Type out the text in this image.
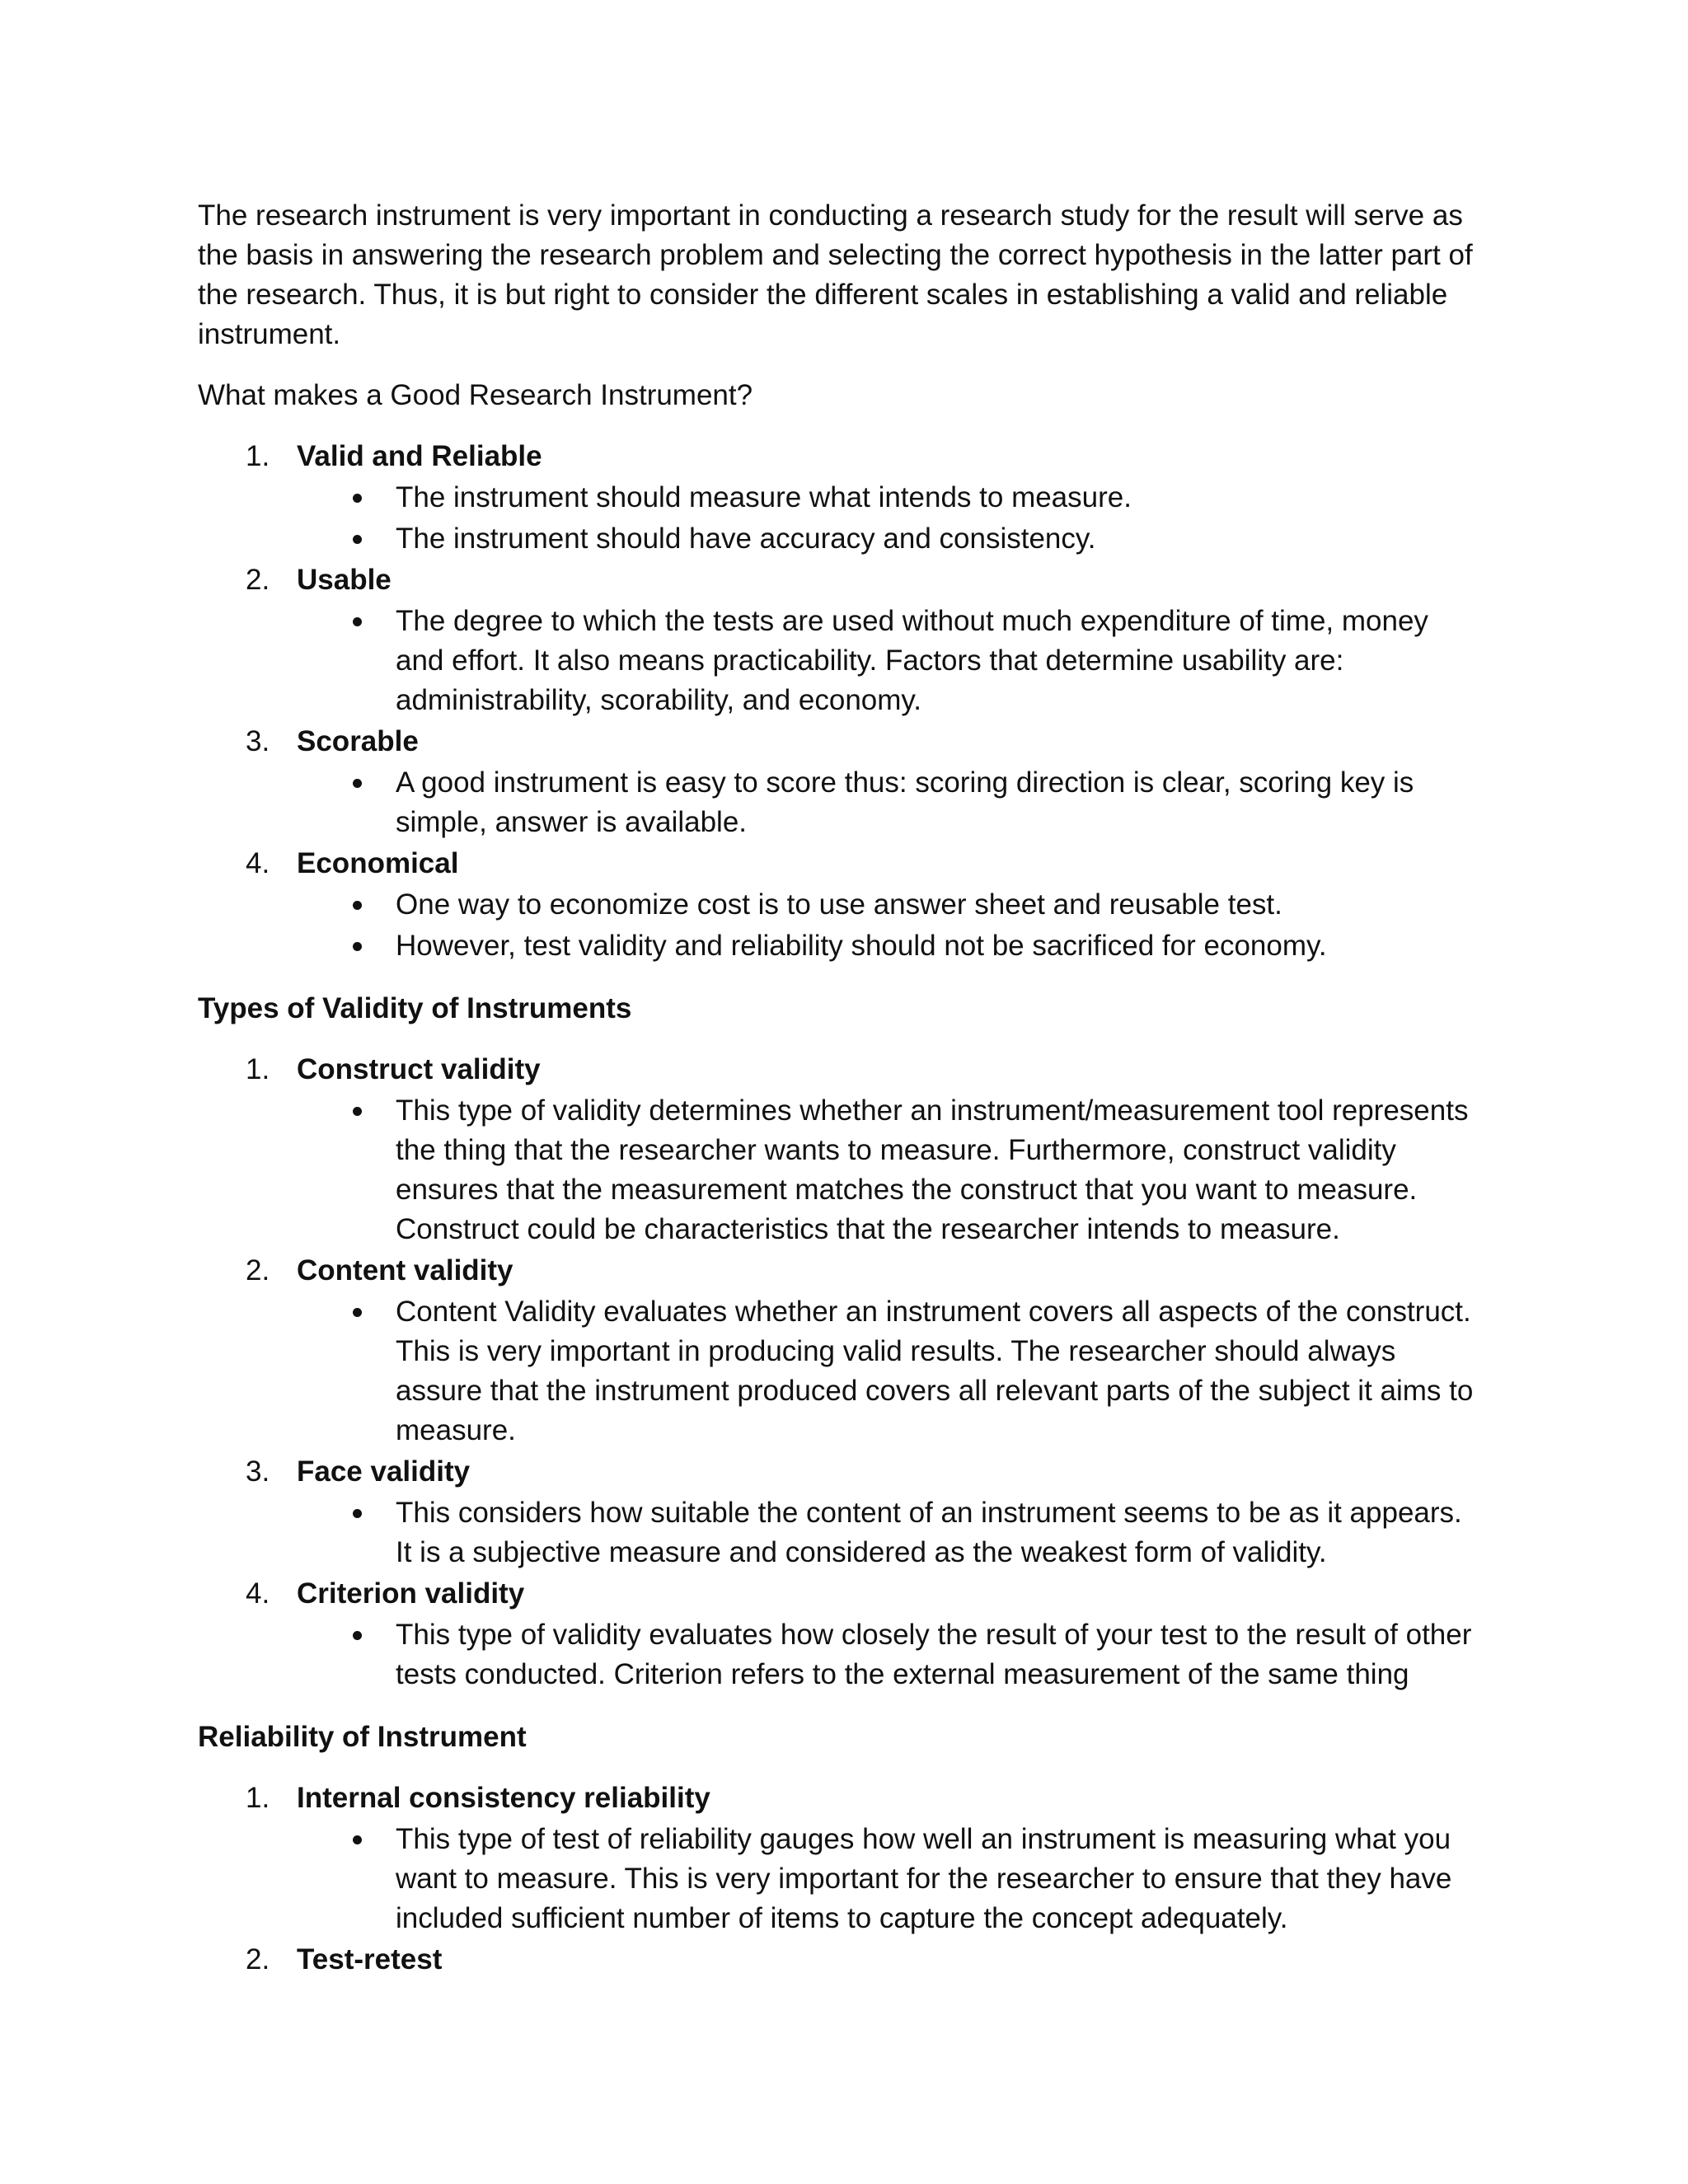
The research instrument is very important in conducting a research study for the result will serve as the basis in answering the research problem and selecting the correct hypothesis in the latter part of the research. Thus, it is but right to consider the different scales in establishing a valid and reliable instrument.

What makes a Good Research Instrument?

1. Valid and Reliable
The instrument should measure what intends to measure.
The instrument should have accuracy and consistency.
2. Usable
The degree to which the tests are used without much expenditure of time, money and effort. It also means practicability. Factors that determine usability are: administrability, scorability, and economy.
3. Scorable
A good instrument is easy to score thus: scoring direction is clear, scoring key is simple, answer is available.
4. Economical
One way to economize cost is to use answer sheet and reusable test.
However, test validity and reliability should not be sacrificed for economy.

Types of Validity of Instruments

1. Construct validity
This type of validity determines whether an instrument/measurement tool represents the thing that the researcher wants to measure. Furthermore, construct validity ensures that the measurement matches the construct that you want to measure. Construct could be characteristics that the researcher intends to measure.
2. Content validity
Content Validity evaluates whether an instrument covers all aspects of the construct. This is very important in producing valid results. The researcher should always assure that the instrument produced covers all relevant parts of the subject it aims to measure.
3. Face validity
This considers how suitable the content of an instrument seems to be as it appears. It is a subjective measure and considered as the weakest form of validity.
4. Criterion validity
This type of validity evaluates how closely the result of your test to the result of other tests conducted. Criterion refers to the external measurement of the same thing

Reliability of Instrument

1. Internal consistency reliability
This type of test of reliability gauges how well an instrument is measuring what you want to measure. This is very important for the researcher to ensure that they have included sufficient number of items to capture the concept adequately.
2. Test-retest
